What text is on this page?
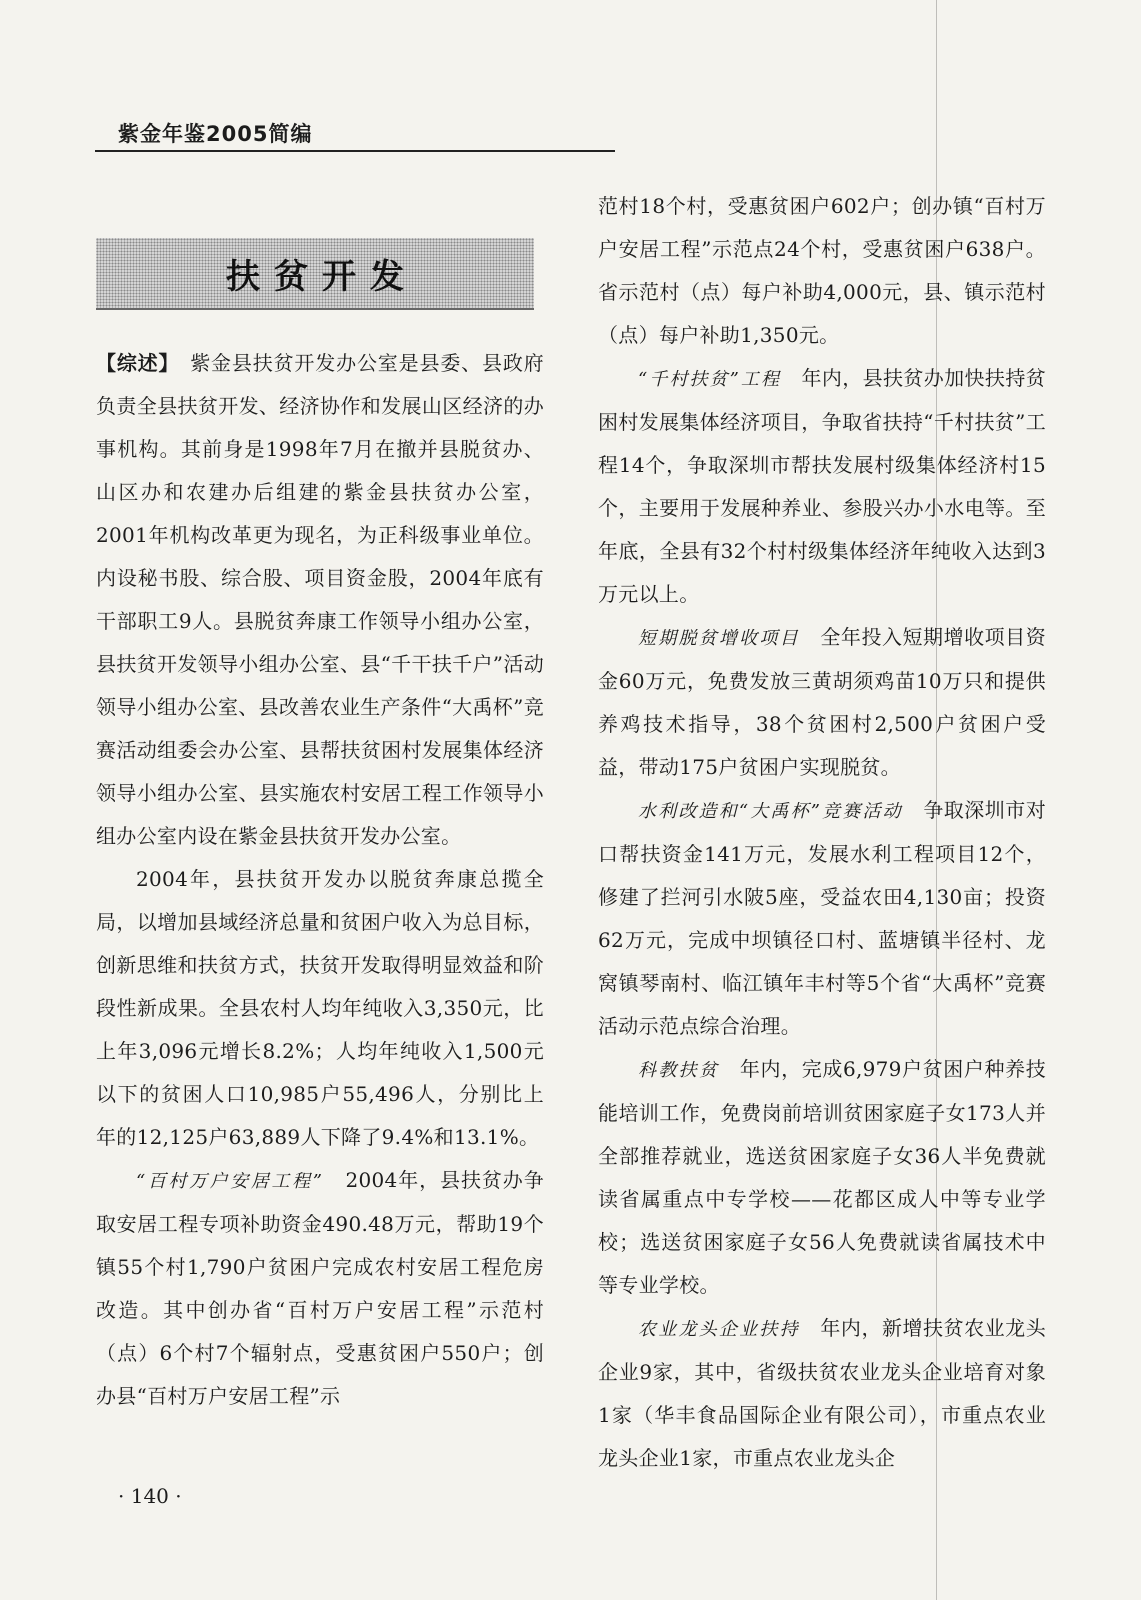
紫金年鉴2005简编
扶贫开发

【综述】　 紫金县扶贫开发办公室是县委、县政府负责全县扶贫开发、经济协作和发展山区经济的办事机构。其前身是1998年7月在撤并县脱贫办、山区办和农建办后组建的紫金县扶贫办公室，2001年机构改革更为现名，为正科级事业单位。内设秘书股、综合股、项目资金股，2004年底有干部职工9人。县脱贫奔康工作领导小组办公室，县扶贫开发领导小组办公室、县“千干扶千户”活动领导小组办公室、县改善农业生产条件“大禹杯”竞赛活动组委会办公室、县帮扶贫困村发展集体经济领导小组办公室、县实施农村安居工程工作领导小组办公室内设在紫金县扶贫开发办公室。

2004年，县扶贫开发办以脱贫奔康总揽全局，以增加县域经济总量和贫困户收入为总目标，创新思维和扶贫方式，扶贫开发取得明显效益和阶段性新成果。全县农村人均年纯收入3,350元，比上年3,096元增长8.2%；人均年纯收入1,500元以下的贫困人口10,985户55,496人，分别比上年的12,125户63,889人下降了9.4%和13.1%。

“百村万户安居工程”　2004年，县扶贫办争取安居工程专项补助资金490.48万元，帮助19个镇55个村1,790户贫困户完成农村安居工程危房改造。其中创办省“百村万户安居工程”示范村（点）6个村7个辐射点，受惠贫困户550户；创办县“百村万户安居工程”示

范村18个村，受惠贫困户602户；创办镇“百村万户安居工程”示范点24个村，受惠贫困户638户。省示范村（点）每户补助4,000元，县、镇示范村（点）每户补助1,350元。

“千村扶贫”工程　年内，县扶贫办加快扶持贫困村发展集体经济项目，争取省扶持“千村扶贫”工程14个，争取深圳市帮扶发展村级集体经济村15个，主要用于发展种养业、参股兴办小水电等。至年底，全县有32个村村级集体经济年纯收入达到3万元以上。

短期脱贫增收项目　全年投入短期增收项目资金60万元，免费发放三黄胡须鸡苗10万只和提供养鸡技术指导，38个贫困村2,500户贫困户受益，带动175户贫困户实现脱贫。

水利改造和“大禹杯”竞赛活动　争取深圳市对口帮扶资金141万元，发展水利工程项目12个，修建了拦河引水陂5座，受益农田4,130亩；投资62万元，完成中坝镇径口村、蓝塘镇半径村、龙窝镇琴南村、临江镇年丰村等5个省“大禹杯”竞赛活动示范点综合治理。

科教扶贫　年内，完成6,979户贫困户种养技能培训工作，免费岗前培训贫困家庭子女173人并全部推荐就业，选送贫困家庭子女36人半免费就读省属重点中专学校——花都区成人中等专业学校；选送贫困家庭子女56人免费就读省属技术中等专业学校。

农业龙头企业扶持　年内，新增扶贫农业龙头企业9家，其中，省级扶贫农业龙头企业培育对象1家（华丰食品国际企业有限公司），市重点农业龙头企业1家，市重点农业龙头企

· 140 ·
